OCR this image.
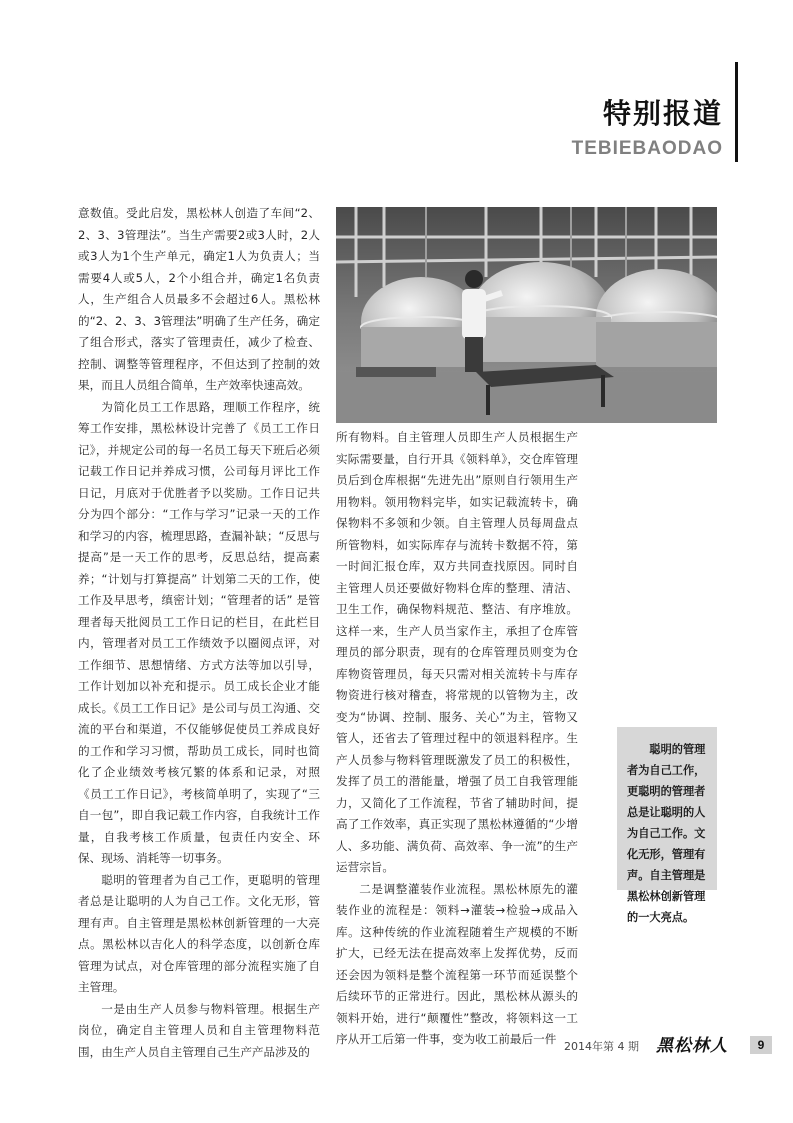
特别报道
TEBIEBAODAO

意数值。受此启发，黑松林人创造了车间“2、2、3、3管理法”。当生产需要2或3人时，2人或3人为1个生产单元，确定1人为负责人；当需要4人或5人，2个小组合并，确定1名负责人，生产组合人员最多不会超过6人。黑松林的“2、2、3、3管理法”明确了生产任务，确定了组合形式，落实了管理责任，减少了检查、控制、调整等管理程序，不但达到了控制的效果，而且人员组合简单，生产效率快速高效。

为简化员工工作思路，理顺工作程序，统筹工作安排，黑松林设计完善了《员工工作日记》，并规定公司的每一名员工每天下班后必须记载工作日记并养成习惯，公司每月评比工作日记，月底对于优胜者予以奖励。工作日记共分为四个部分：“工作与学习”记录一天的工作和学习的内容，梳理思路，查漏补缺；“反思与提高”是一天工作的思考，反思总结，提高素养；“计划与打算提高” 计划第二天的工作，使工作及早思考，缜密计划；“管理者的话” 是管理者每天批阅员工工作日记的栏目，在此栏目内，管理者对员工工作绩效予以圈阅点评，对工作细节、思想情绪、方式方法等加以引导，工作计划加以补充和提示。员工成长企业才能成长。《员工工作日记》是公司与员工沟通、交流的平台和渠道，不仅能够促使员工养成良好的工作和学习习惯，帮助员工成长，同时也简化了企业绩效考核冗繁的体系和记录，对照《员工工作日记》，考核简单明了，实现了“三自一包”，即自我记载工作内容，自我统计工作量，自我考核工作质量，包责任内安全、环保、现场、消耗等一切事务。

聪明的管理者为自己工作，更聪明的管理者总是让聪明的人为自己工作。文化无形，管理有声。自主管理是黑松林创新管理的一大亮点。黑松林以吉化人的科学态度，以创新仓库管理为试点，对仓库管理的部分流程实施了自主管理。

一是由生产人员参与物料管理。根据生产岗位，确定自主管理人员和自主管理物料范围，由生产人员自主管理自己生产产品涉及的

所有物料。自主管理人员即生产人员根据生产实际需要量，自行开具《领料单》，交仓库管理员后到仓库根据“先进先出”原则自行领用生产用物料。领用物料完毕，如实记载流转卡，确保物料不多领和少领。自主管理人员每周盘点所管物料，如实际库存与流转卡数据不符，第一时间汇报仓库，双方共同查找原因。同时自主管理人员还要做好物料仓库的整理、清洁、卫生工作，确保物料规范、整洁、有序堆放。这样一来，生产人员当家作主，承担了仓库管理员的部分职责，现有的仓库管理员则变为仓库物资管理员，每天只需对相关流转卡与库存物资进行核对稽查，将常规的以管物为主，改变为“协调、控制、服务、关心”为主，管物又管人，还省去了管理过程中的领退料程序。生产人员参与物料管理既激发了员工的积极性，发挥了员工的潜能量，增强了员工自我管理能力，又简化了工作流程，节省了辅助时间，提高了工作效率，真正实现了黑松林遵循的“少增人、多功能、满负荷、高效率、争一流”的生产运营宗旨。

二是调整灌装作业流程。黑松林原先的灌装作业的流程是：领料→灌装→检验→成品入库。这种传统的作业流程随着生产规模的不断扩大，已经无法在提高效率上发挥优势，反而还会因为领料是整个流程第一环节而延误整个后续环节的正常进行。因此，黑松林从源头的领料开始，进行“颠覆性”整改，将领料这一工序从开工后第一件事，变为收工前最后一件

聪明的管理者为自己工作，更聪明的管理者总是让聪明的人为自己工作。文化无形，管理有声。自主管理是黑松林创新管理的一大亮点。

2014年第 4 期 黑松林人	9
